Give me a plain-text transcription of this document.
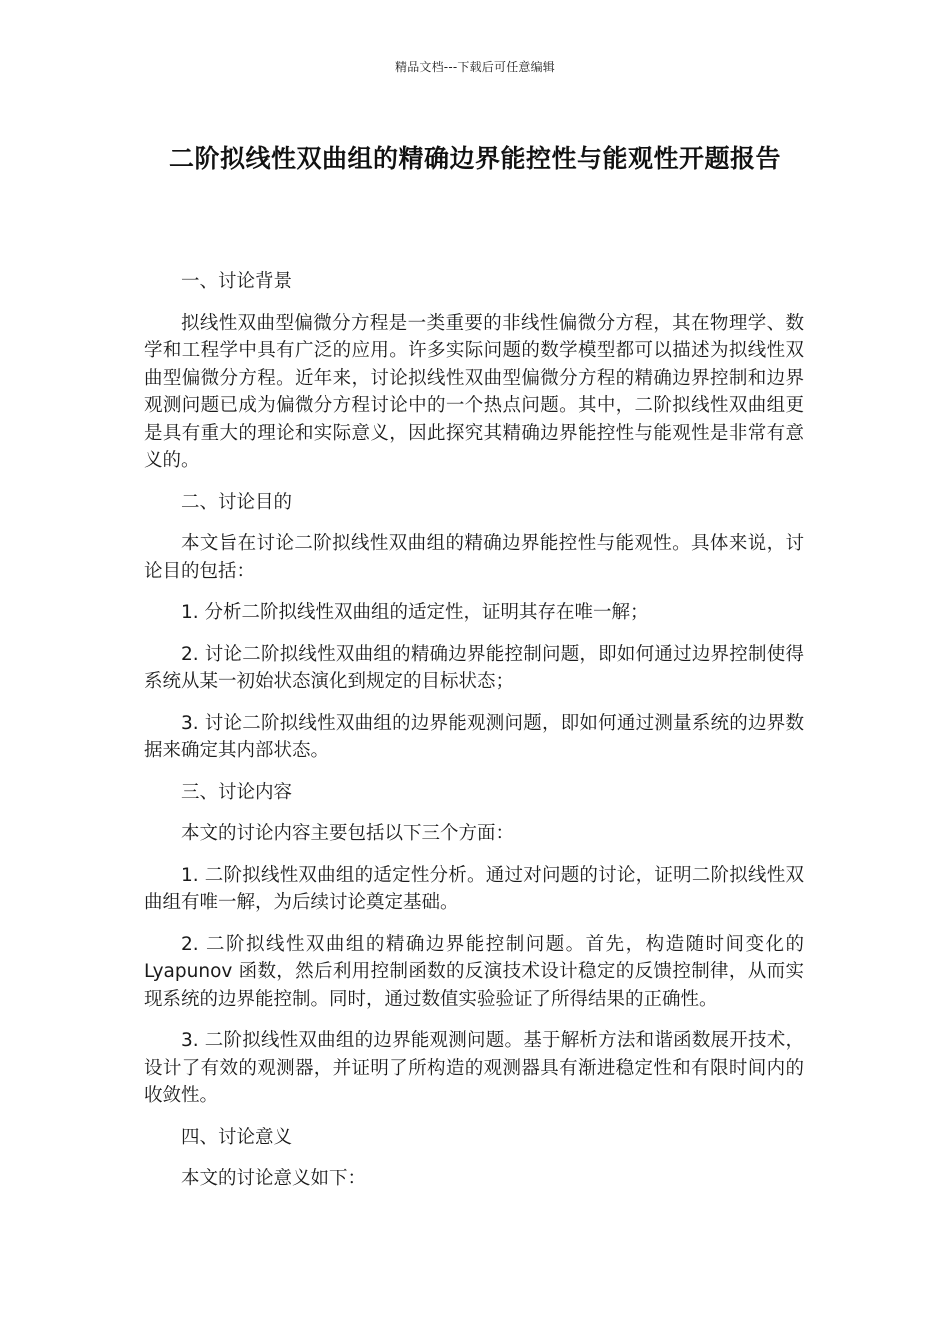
精品文档---下载后可任意编辑
二阶拟线性双曲组的精确边界能控性与能观性开题报告

一、讨论背景

拟线性双曲型偏微分方程是一类重要的非线性偏微分方程，其在物理学、数学和工程学中具有广泛的应用。许多实际问题的数学模型都可以描述为拟线性双曲型偏微分方程。近年来，讨论拟线性双曲型偏微分方程的精确边界控制和边界观测问题已成为偏微分方程讨论中的一个热点问题。其中，二阶拟线性双曲组更是具有重大的理论和实际意义，因此探究其精确边界能控性与能观性是非常有意义的。

二、讨论目的

本文旨在讨论二阶拟线性双曲组的精确边界能控性与能观性。具体来说，讨论目的包括：

1. 分析二阶拟线性双曲组的适定性，证明其存在唯一解；

2. 讨论二阶拟线性双曲组的精确边界能控制问题，即如何通过边界控制使得系统从某一初始状态演化到规定的目标状态；

3. 讨论二阶拟线性双曲组的边界能观测问题，即如何通过测量系统的边界数据来确定其内部状态。

三、讨论内容

本文的讨论内容主要包括以下三个方面：

1. 二阶拟线性双曲组的适定性分析。通过对问题的讨论，证明二阶拟线性双曲组有唯一解，为后续讨论奠定基础。

2. 二阶拟线性双曲组的精确边界能控制问题。首先，构造随时间变化的 Lyapunov 函数，然后利用控制函数的反演技术设计稳定的反馈控制律，从而实现系统的边界能控制。同时，通过数值实验验证了所得结果的正确性。

3. 二阶拟线性双曲组的边界能观测问题。基于解析方法和谐函数展开技术，设计了有效的观测器，并证明了所构造的观测器具有渐进稳定性和有限时间内的收敛性。

四、讨论意义

本文的讨论意义如下：
